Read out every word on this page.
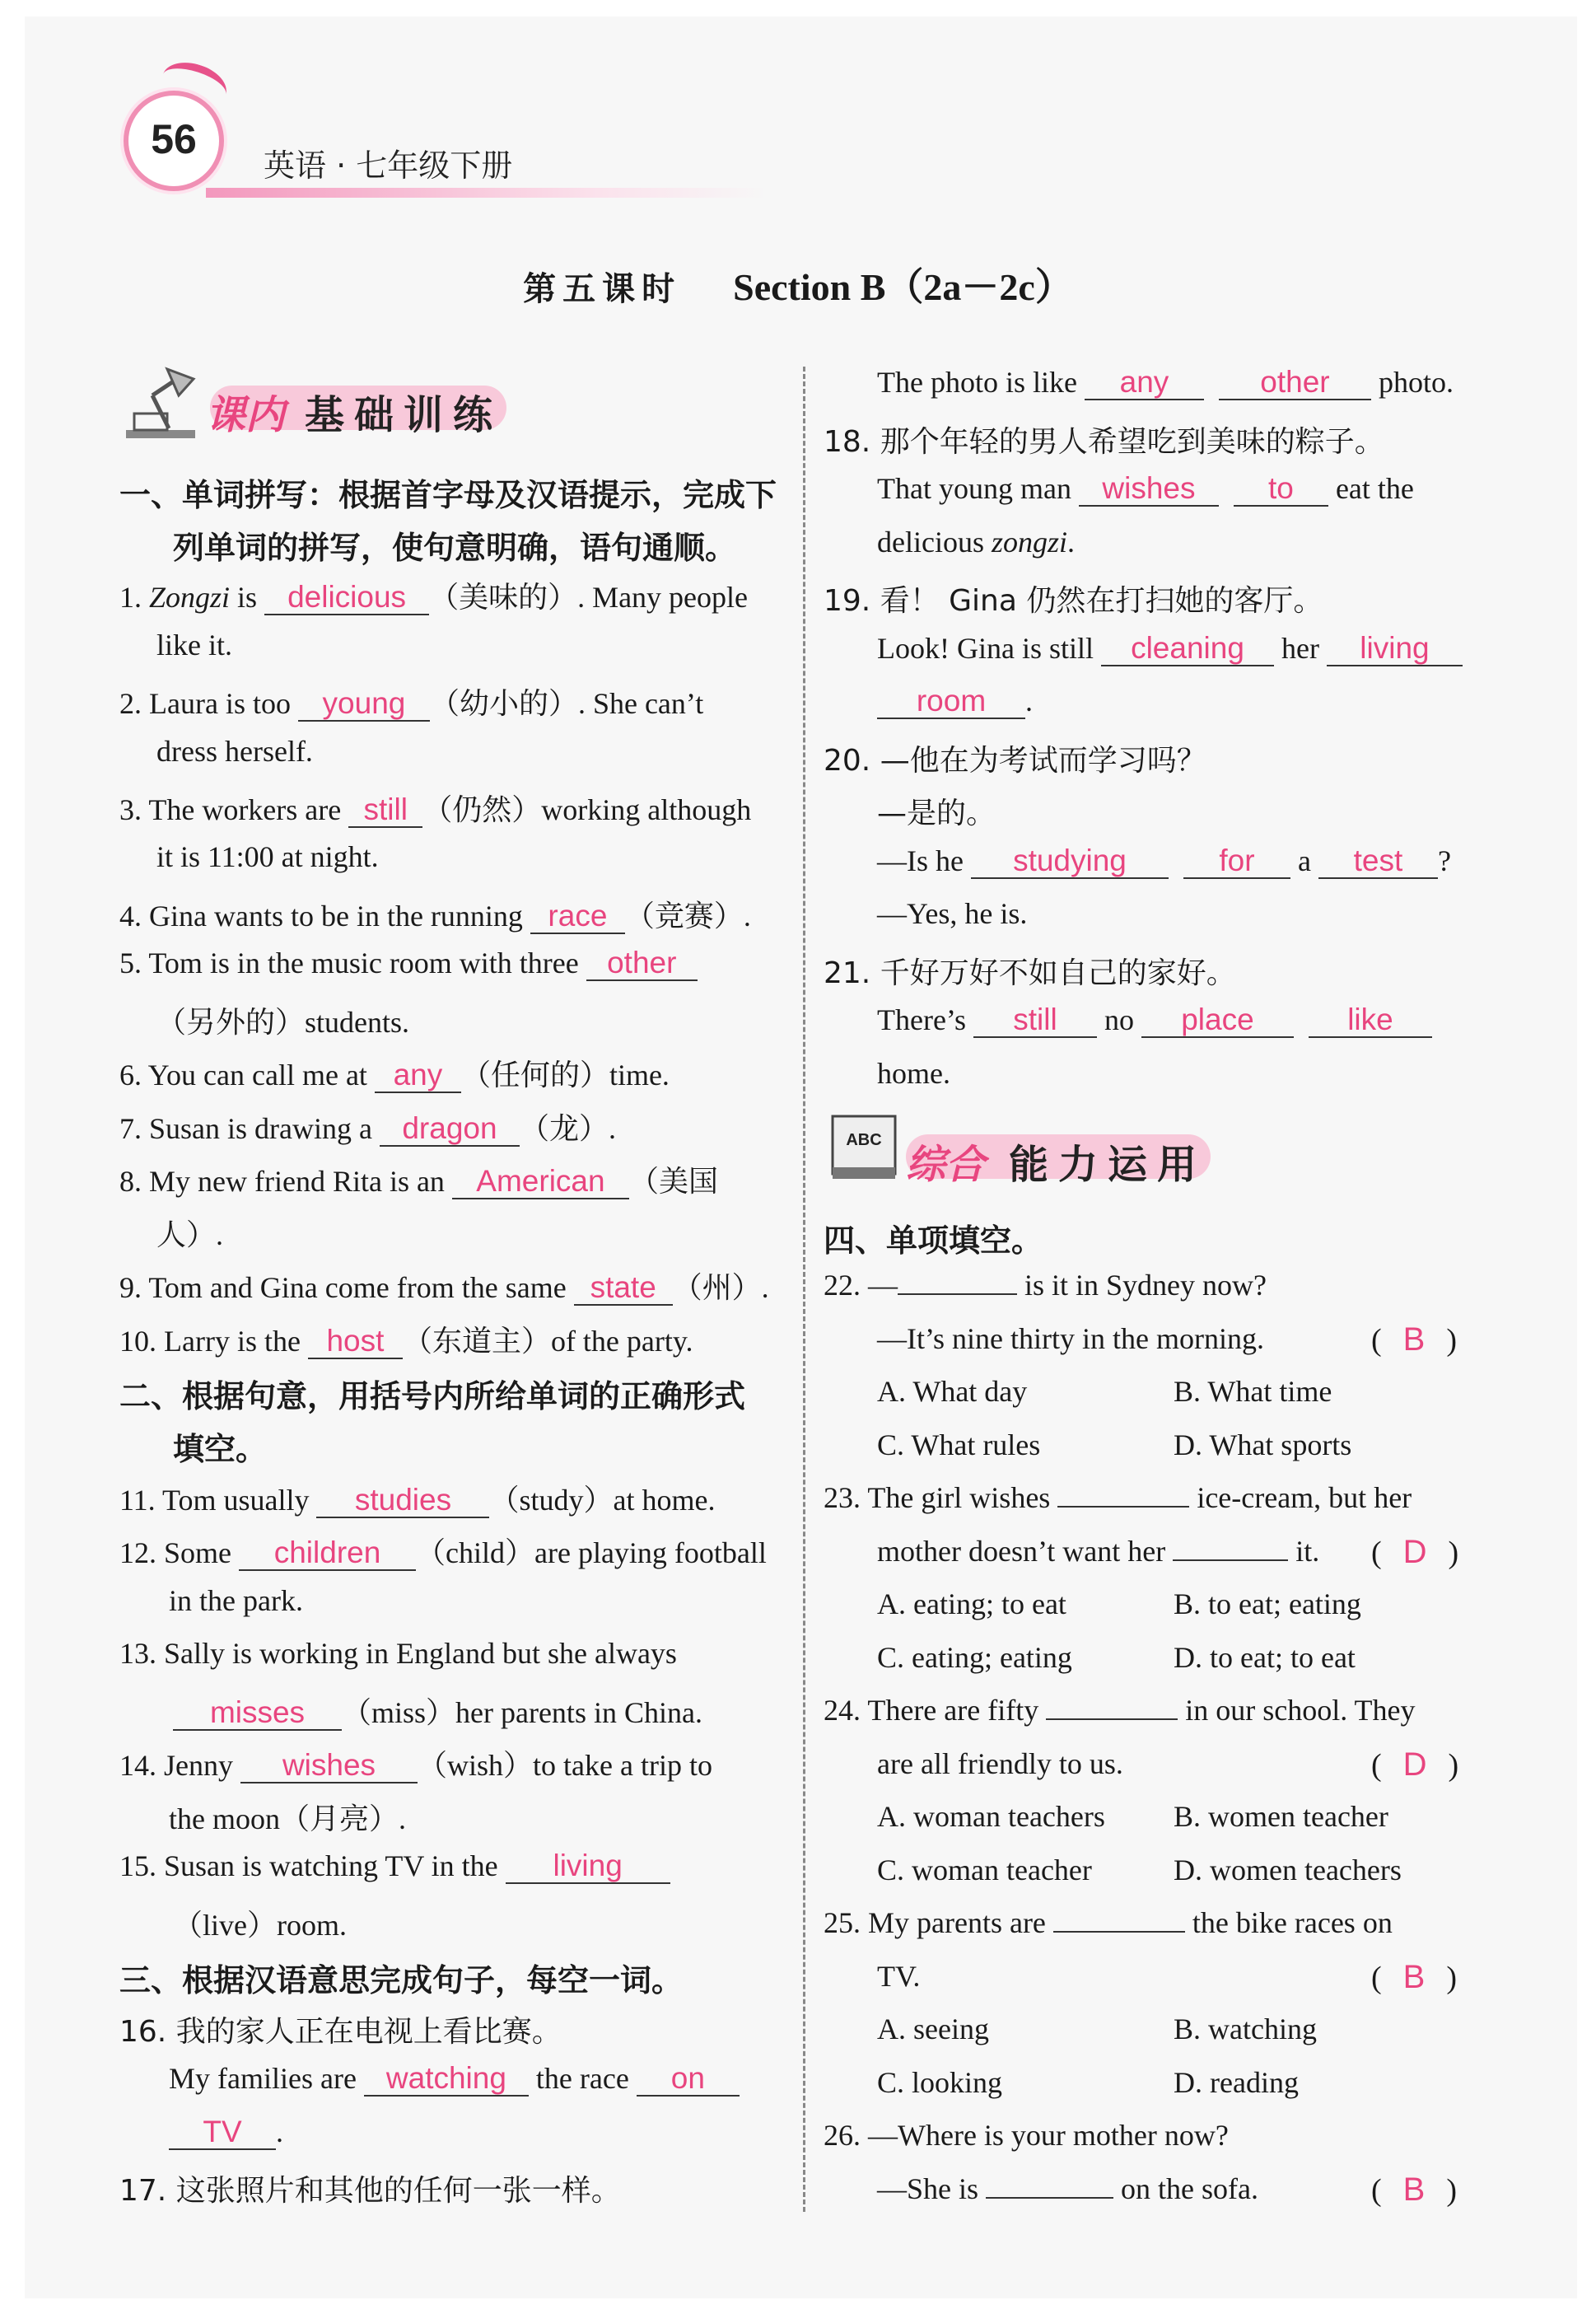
56
英语 · 七年级下册
第五课时 Section B（2a－2c）
课内 基础训练
一、单词拼写：根据首字母及汉语提示，完成下
列单词的拼写，使句意明确，语句通顺。
1. Zongzi is delicious （美味的）. Many people
like it.
2. Laura is too young （幼小的）. She can’t
dress herself.
3. The workers are still （仍然）working although
it is 11:00 at night.
4. Gina wants to be in the running race （竞赛）.
5. Tom is in the music room with three other
（另外的）students.
6. You can call me at any （任何的）time.
7. Susan is drawing a dragon （龙）.
8. My new friend Rita is an American （美国
人）.
9. Tom and Gina come from the same state （州）.
10. Larry is the host （东道主）of the party.
二、根据句意，用括号内所给单词的正确形式
填空。
11. Tom usually studies （study）at home.
12. Some children （child）are playing football
in the park.
13. Sally is working in England but she always
misses （miss）her parents in China.
14. Jenny wishes （wish）to take a trip to
the moon（月亮）.
15. Susan is watching TV in the living
（live）room.
三、根据汉语意思完成句子，每空一词。
16. 我的家人正在电视上看比赛。
My families are watching the race on
TV .
17. 这张照片和其他的任何一张一样。
The photo is like any	other photo.
18. 那个年轻的男人希望吃到美味的粽子。
That young man wishes to eat the
delicious zongzi.
19. 看！ Gina 仍然在打扫她的客厅。
Look! Gina is still cleaning her living
room .
20. —他在为考试而学习吗？
—是的。
—Is he studying	for a test ?
—Yes, he is.
21. 千好万好不如自己的家好。
There’s still no place	like
home.
ABC
综合 能力运用
四、单项填空。
22. —	is it in Sydney now?
—It’s nine thirty in the morning.	( B )
A. What day	B. What time
C. What rules	D. What sports
23. The girl wishes	ice-cream, but her
mother doesn’t want her	it. ( D )
A. eating; to eat	B. to eat; eating
C. eating; eating	D. to eat; to eat
24. There are fifty	in our school. They
are all friendly to us.	( D )
A. woman teachers B. women teacher
C. woman teacher	D. women teachers
25. My parents are	the bike races on
TV.	( B )
A. seeing	B. watching
C. looking	D. reading
26. —Where is your mother now?
—She is	on the sofa.	( B )
